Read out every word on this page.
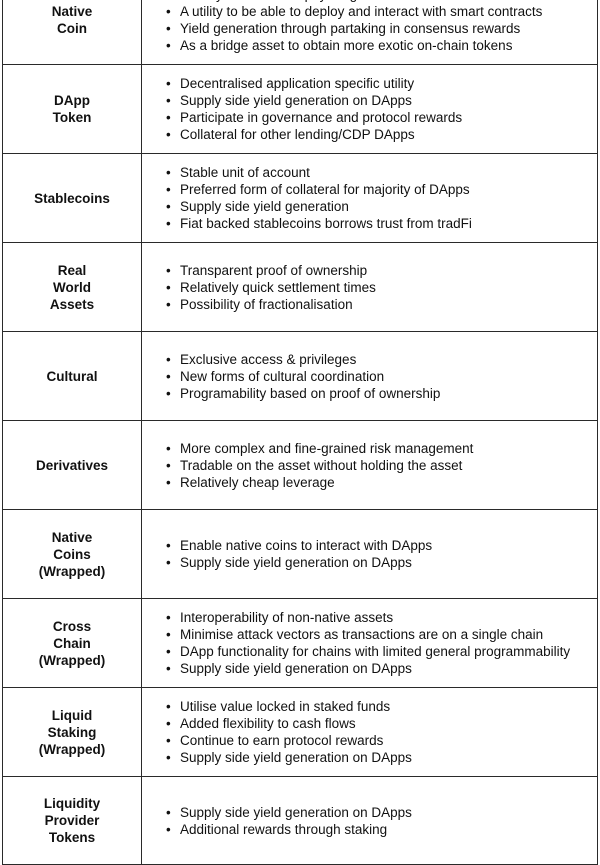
Native
Coin
•
• A utility to be able to deploy and interact with smart contracts
• Yield generation through partaking in consensus rewards
• As a bridge asset to obtain more exotic on-chain tokens
DApp
Token
• Decentralised application specific utility
• Supply side yield generation on DApps
• Participate in governance and protocol rewards
• Collateral for other lending/CDP DApps
Stablecoins
• Stable unit of account
• Preferred form of collateral for majority of DApps
• Supply side yield generation
• Fiat backed stablecoins borrows trust from tradFi
Real
World
Assets
• Transparent proof of ownership
• Relatively quick settlement times
• Possibility of fractionalisation
Cultural
• Exclusive access & privileges
• New forms of cultural coordination
• Programability based on proof of ownership
Derivatives
• More complex and fine-grained risk management
• Tradable on the asset without holding the asset
• Relatively cheap leverage
Native
Coins
(Wrapped)
• Enable native coins to interact with DApps
• Supply side yield generation on DApps
Cross
Chain
(Wrapped)
• Interoperability of non-native assets
• Minimise attack vectors as transactions are on a single chain
• DApp functionality for chains with limited general programmability
• Supply side yield generation on DApps
Liquid
Staking
(Wrapped)
• Utilise value locked in staked funds
• Added flexibility to cash flows
• Continue to earn protocol rewards
• Supply side yield generation on DApps
Liquidity
Provider
Tokens
• Supply side yield generation on DApps
• Additional rewards through staking
